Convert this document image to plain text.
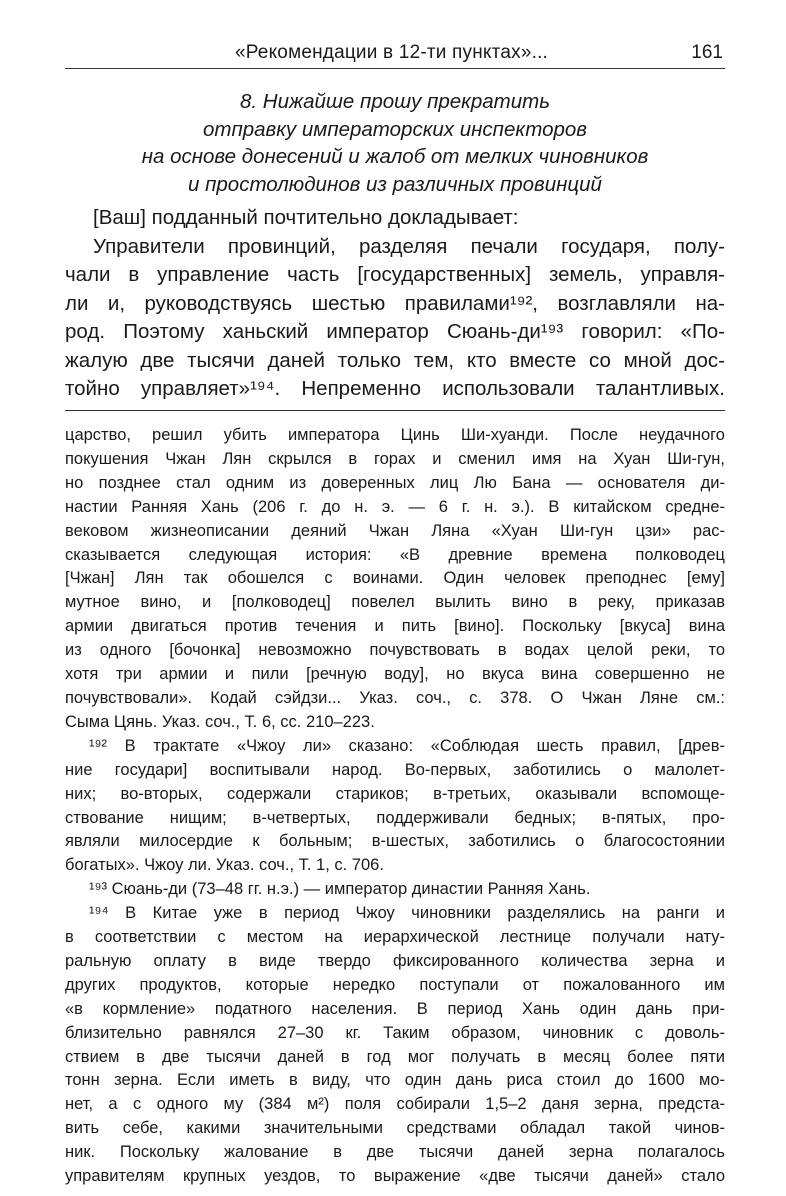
«Рекомендации в 12-ти пунктах»...	161
8. Нижайше прошу прекратить
отправку императорских инспекторов
на основе донесений и жалоб от мелких чиновников
и простолюдинов из различных провинций
[Ваш] подданный почтительно докладывает:
Управители провинций, разделяя печали государя, полу-
чали в управление часть [государственных] земель, управля-
ли и, руководствуясь шестью правилами¹⁹², возглавляли на-
род. Поэтому ханьский император Сюань-ди¹⁹³ говорил: «По-
жалую две тысячи даней только тем, кто вместе со мной дос-
тойно управляет»¹⁹⁴. Непременно использовали талантливых.
царство, решил убить императора Цинь Ши-хуанди. После неудачного
покушения Чжан Лян скрылся в горах и сменил имя на Хуан Ши-гун,
но позднее стал одним из доверенных лиц Лю Бана — основателя ди-
настии Ранняя Хань (206 г. до н. э. — 6 г. н. э.). В китайском средне-
вековом жизнеописании деяний Чжан Ляна «Хуан Ши-гун цзи» рас-
сказывается следующая история: «В древние времена полководец
[Чжан] Лян так обошелся с воинами. Один человек преподнес [ему]
мутное вино, и [полководец] повелел вылить вино в реку, приказав
армии двигаться против течения и пить [вино]. Поскольку [вкуса] вина
из одного [бочонка] невозможно почувствовать в водах целой реки, то
хотя три армии и пили [речную воду], но вкуса вина совершенно не
почувствовали». Кодай сэйдзи... Указ. соч., с. 378. О Чжан Ляне см.:
Сыма Цянь. Указ. соч., Т. 6, сс. 210–223.
¹⁹² В трактате «Чжоу ли» сказано: «Соблюдая шесть правил, [древ-
ние государи] воспитывали народ. Во-первых, заботились о малолет-
них; во-вторых, содержали стариков; в-третьих, оказывали вспомоще-
ствование нищим; в-четвертых, поддерживали бедных; в-пятых, про-
являли милосердие к больным; в-шестых, заботились о благосостоянии
богатых». Чжоу ли. Указ. соч., Т. 1, с. 706.
¹⁹³ Сюань-ди (73–48 гг. н.э.) — император династии Ранняя Хань.
¹⁹⁴ В Китае уже в период Чжоу чиновники разделялись на ранги и
в соответствии с местом на иерархической лестнице получали нату-
ральную оплату в виде твердо фиксированного количества зерна и
других продуктов, которые нередко поступали от пожалованного им
«в кормление» податного населения. В период Хань один дань при-
близительно равнялся 27–30 кг. Таким образом, чиновник с доволь-
ствием в две тысячи даней в год мог получать в месяц более пяти
тонн зерна. Если иметь в виду, что один дань риса стоил до 1600 мо-
нет, а с одного му (384 м²) поля собирали 1,5–2 даня зерна, предста-
вить себе, какими значительными средствами обладал такой чинов-
ник. Поскольку жалование в две тысячи даней зерна полагалось
управителям крупных уездов, то выражение «две тысячи даней» стало
